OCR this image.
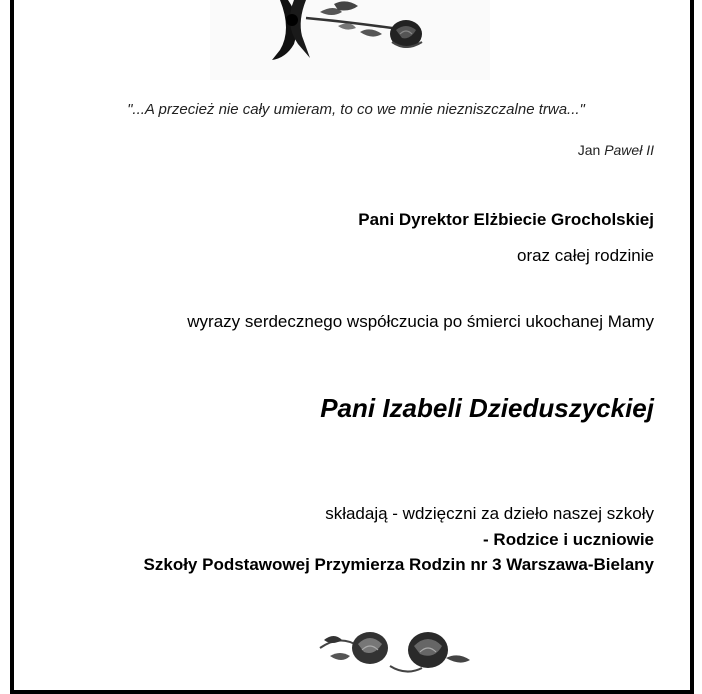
"...A przecież nie cały umieram, to co we mnie niezniszczalne trwa..."
Jan Paweł II
Pani Dyrektor Elżbiecie Grocholskiej
oraz całej rodzinie
wyrazy serdecznego współczucia po śmierci ukochanej Mamy
Pani Izabeli Dzieduszyckiej
składają - wdzięczni za dzieło naszej szkoły
- Rodzice i uczniowie
Szkoły Podstawowej Przymierza Rodzin nr 3 Warszawa-Bielany
